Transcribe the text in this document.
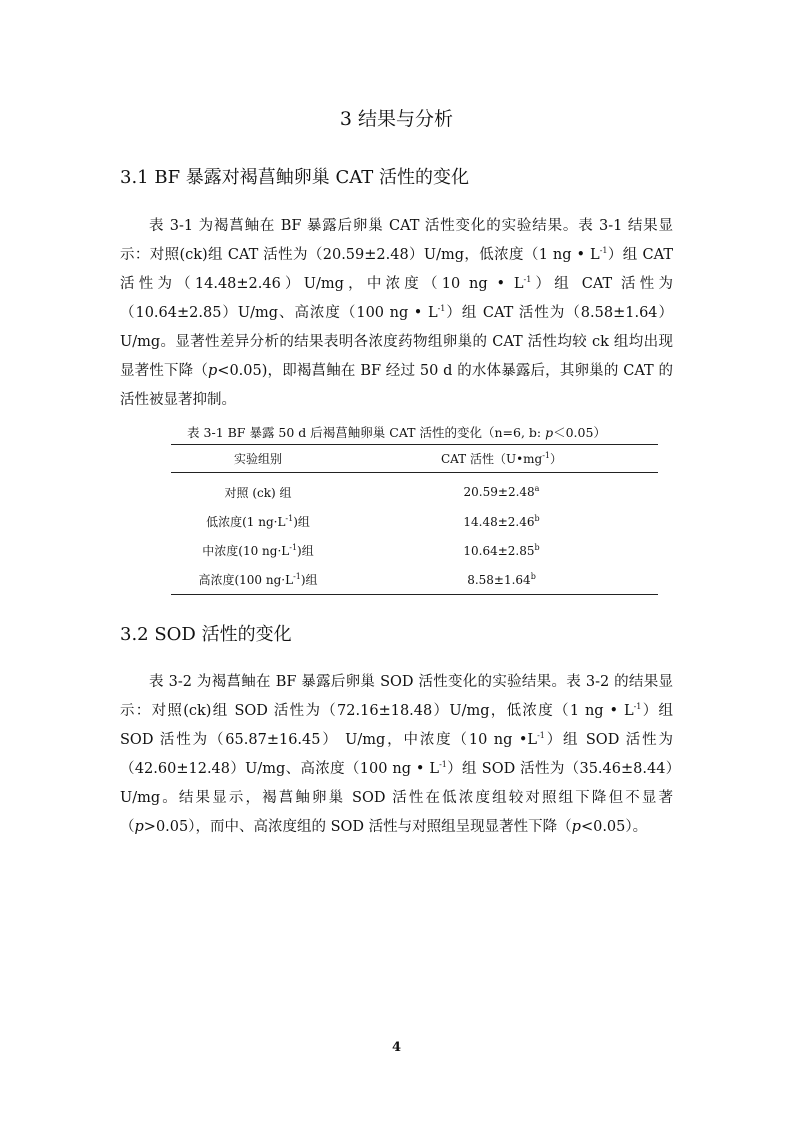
3 结果与分析
3.1 BF 暴露对褐菖鲉卵巢 CAT 活性的变化

表 3-1 为褐菖鲉在 BF 暴露后卵巢 CAT 活性变化的实验结果。表 3-1 结果显示：对照(ck)组 CAT 活性为（20.59±2.48）U/mg，低浓度（1 ng • $L^{-1}$）组 CAT 活性为（14.48±2.46）U/mg，中浓度（10 ng • $L^{-1}$）组 CAT 活性为（10.64±2.85）U/mg、高浓度（100 ng • $L^{-1}$）组 CAT 活性为（8.58±1.64） U/mg。显著性差异分析的结果表明各浓度药物组卵巢的 CAT 活性均较 ck 组均出现显著性下降（p<0.05)，即褐菖鲉在 BF 经过 50 d 的水体暴露后，其卵巢的 CAT 的活性被显著抑制。

表 3-1 BF 暴露 50 d 后褐菖鲉卵巢 CAT 活性的变化（n=6, b: p＜0.05）
实验组别	CAT 活性$(U•mg^{-1})$
对照 (ck) 组	20.59±2.48$^a$
低浓度(1 $ng\cdot L^{-1}$)组	14.48±2.46$^b$
中浓度(10 $ng\cdot L^{-1}$)组	10.64±2.85$^b$
高浓度(100 $ng\cdot L^{-1}$)组	8.58±1.64$^b$
3.2 SOD 活性的变化

表 3-2 为褐菖鲉在 BF 暴露后卵巢 SOD 活性变化的实验结果。表 3-2 的结果显示：对照(ck)组 SOD 活性为（72.16±18.48）U/mg，低浓度（1 ng • $L^{-1}$）组 SOD 活性为（65.87±16.45） U/mg，中浓度（10 ng $•L^{-1}$）组 SOD 活性为（42.60±12.48）U/mg、高浓度（100 ng • $L^{-1}$）组 SOD 活性为（35.46±8.44）U/mg。结果显示，褐菖鲉卵巢 SOD 活性在低浓度组较对照组下降但不显著（p>0.05），而中、高浓度组的 SOD 活性与对照组呈现显著性下降（p<0.05）。

4
